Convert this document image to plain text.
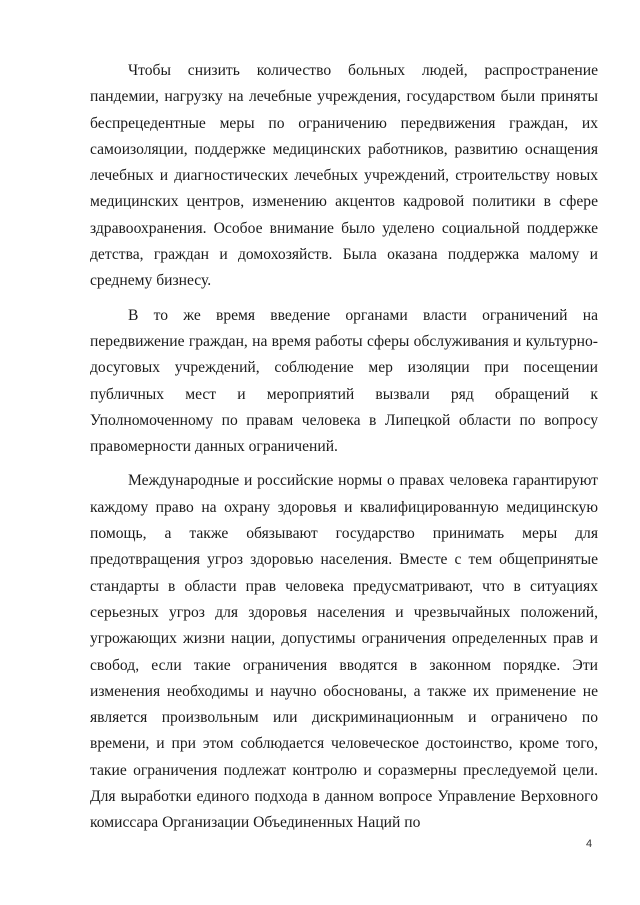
Чтобы снизить количество больных людей, распространение пандемии, нагрузку на лечебные учреждения, государством были приняты беспрецедентные меры по ограничению передвижения граждан, их самоизоляции, поддержке медицинских работников, развитию оснащения лечебных и диагностических лечебных учреждений, строительству новых медицинских центров, изменению акцентов кадровой политики в сфере здравоохранения. Особое внимание было уделено социальной поддержке детства, граждан и домохозяйств. Была оказана поддержка малому и среднему бизнесу.

В то же время введение органами власти ограничений на передвижение граждан, на время работы сферы обслуживания и культурно-досуговых учреждений, соблюдение мер изоляции при посещении публичных мест и мероприятий вызвали ряд обращений к Уполномоченному по правам человека в Липецкой области по вопросу правомерности данных ограничений.

Международные и российские нормы о правах человека гарантируют каждому право на охрану здоровья и квалифицированную медицинскую помощь, а также обязывают государство принимать меры для предотвращения угроз здоровью населения. Вместе с тем общепринятые стандарты в области прав человека предусматривают, что в ситуациях серьезных угроз для здоровья населения и чрезвычайных положений, угрожающих жизни нации, допустимы ограничения определенных прав и свобод, если такие ограничения вводятся в законном порядке. Эти изменения необходимы и научно обоснованы, а также их применение не является произвольным или дискриминационным и ограничено по времени, и при этом соблюдается человеческое достоинство, кроме того, такие ограничения подлежат контролю и соразмерны преследуемой цели. Для выработки единого подхода в данном вопросе Управление Верховного комиссара Организации Объединенных Наций по

4
